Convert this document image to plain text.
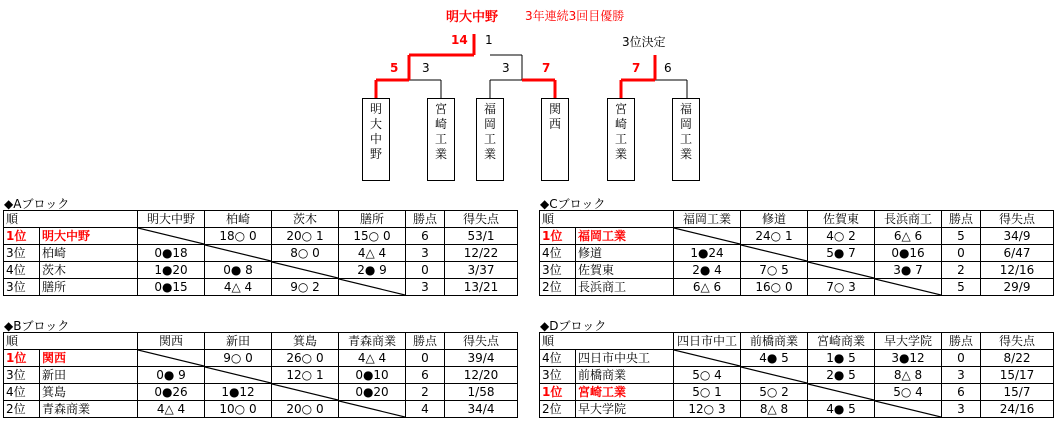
明大中野 3年連続3回目優勝
14 1	3位決定
5 3	3	7	7 6
明
大
中
野
宮
崎
工
業
福
岡
工
業
関
西
宮
崎
工
業
福
岡
工
業
◆Aブロック
順		明大中野	柏崎	茨木	膳所	勝点	得失点
1位	明大中野		18○ 0	20○ 1	15○ 0	6	53/1
3位	柏崎	0●18		8○ 0	4△ 4	3	12/22
4位	茨木	1●20	0● 8		2● 9	0	3/37
3位	膳所	0●15	4△ 4	9○ 2		3	13/21
◆Cブロック
順		福岡工業	修道	佐賀東	長浜商工	勝点	得失点
1位	福岡工業		24○ 1	4○ 2	6△ 6	5	34/9
4位	修道	1●24		5● 7	0●16	0	6/47
3位	佐賀東	2● 4	7○ 5		3● 7	2	12/16
2位	長浜商工	6△ 6	16○ 0	7○ 3		5	29/9
◆Bブロック
順		関西	新田	箕島	青森商業	勝点	得失点
1位	関西		9○ 0	26○ 0	4△ 4	0	39/4
3位	新田	0● 9		12○ 1	0●10	6	12/20
4位	箕島	0●26	1●12		0●20	2	1/58
2位	青森商業	4△ 4	10○ 0	20○ 0		4	34/4
◆Dブロック
順		四日市中工	前橋商業	宮崎商業	早大学院	勝点	得失点
4位	四日市中央工		4● 5	1● 5	3●12	0	8/22
3位	前橋商業	5○ 4		2● 5	8△ 8	3	15/17
1位	宮崎工業	5○ 1	5○ 2		5○ 4	6	15/7
2位	早大学院	12○ 3	8△ 8	4● 5		3	24/16
